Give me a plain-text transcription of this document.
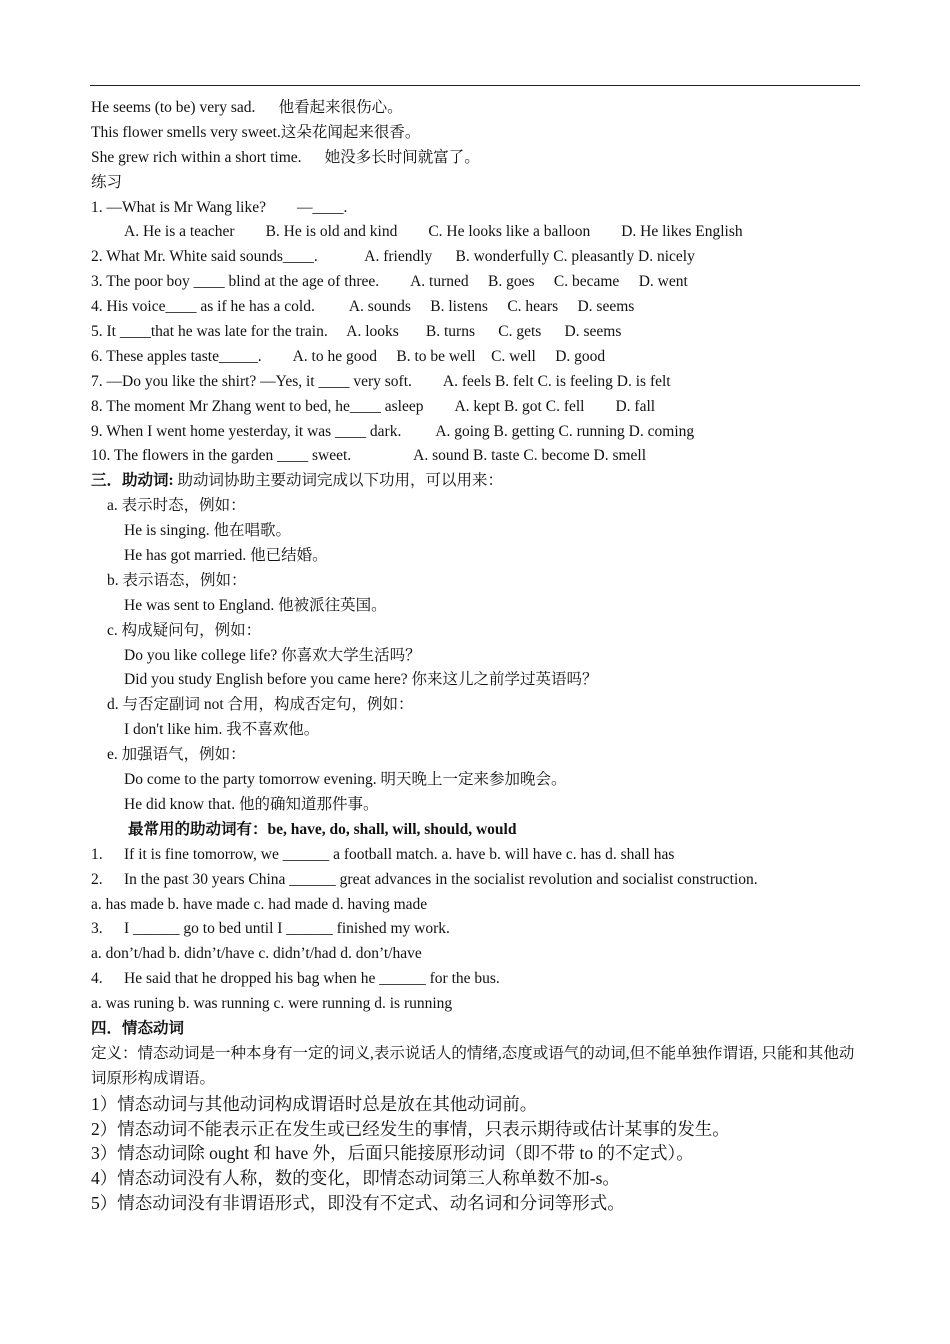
He seems (to be) very sad.  他看起来很伤心。
This flower smells very sweet.这朵花闻起来很香。
She grew rich within a short time.  她没多长时间就富了。
练习
1. —What is Mr Wang like?  —____.
A. He is a teacher  B. He is old and kind  C. He looks like a balloon  D. He likes English
2. What Mr. White said sounds____.   A. friendly  B. wonderfully C. pleasantly D. nicely
3. The poor boy ____ blind at the age of three.  A. turned  B. goes  C. became  D. went
4. His voice____ as if he has a cold.   A. sounds  B. listens  C. hears  D. seems
5. It ____that he was late for the train.  A. looks   B. turns  C. gets  D. seems
6. These apples taste_____.  A. to he good  B. to be well C. well  D. good
7. —Do you like the shirt? —Yes, it ____ very soft.  A. feels B. felt C. is feeling D. is felt
8. The moment Mr Zhang went to bed, he____ asleep  A. kept B. got C. fell  D. fall
9. When I went home yesterday, it was ____ dark.   A. going B. getting C. running D. coming
10. The flowers in the garden ____ sweet.    A. sound B. taste C. become D. smell
三．助动词: 助动词协助主要动词完成以下功用，可以用来：
a. 表示时态，例如：
He is singing. 他在唱歌。
He has got married. 他已结婚。
b. 表示语态，例如：
He was sent to England. 他被派往英国。
c. 构成疑问句，例如：
Do you like college life? 你喜欢大学生活吗？
Did you study English before you came here? 你来这儿之前学过英语吗？
d. 与否定副词 not 合用，构成否定句，例如：
I don't like him. 我不喜欢他。
e. 加强语气，例如：
Do come to the party tomorrow evening. 明天晚上一定来参加晚会。
He did know that. 他的确知道那件事。
最常用的助动词有：be, have, do, shall, will, should, would
1. If it is fine tomorrow, we ______ a football match. a. have b. will have c. has d. shall has
2. In the past 30 years China ______ great advances in the socialist revolution and socialist construction.
a. has made b. have made c. had made d. having made
3. I ______ go to bed until I ______ finished my work.
a. don’t/had b. didn’t/have c. didn’t/had d. don’t/have
4. He said that he dropped his bag when he ______ for the bus.
a. was runing b. was running c. were running d. is running
四．情态动词
定义：情态动词是一种本身有一定的词义,表示说话人的情绪,态度或语气的动词,但不能单独作谓语, 只能和其他动词原形构成谓语。
1）情态动词与其他动词构成谓语时总是放在其他动词前。
2）情态动词不能表示正在发生或已经发生的事情，只表示期待或估计某事的发生。
3）情态动词除 ought 和 have 外，后面只能接原形动词（即不带 to 的不定式）。
4）情态动词没有人称，数的变化，即情态动词第三人称单数不加-s。
5）情态动词没有非谓语形式，即没有不定式、动名词和分词等形式。
